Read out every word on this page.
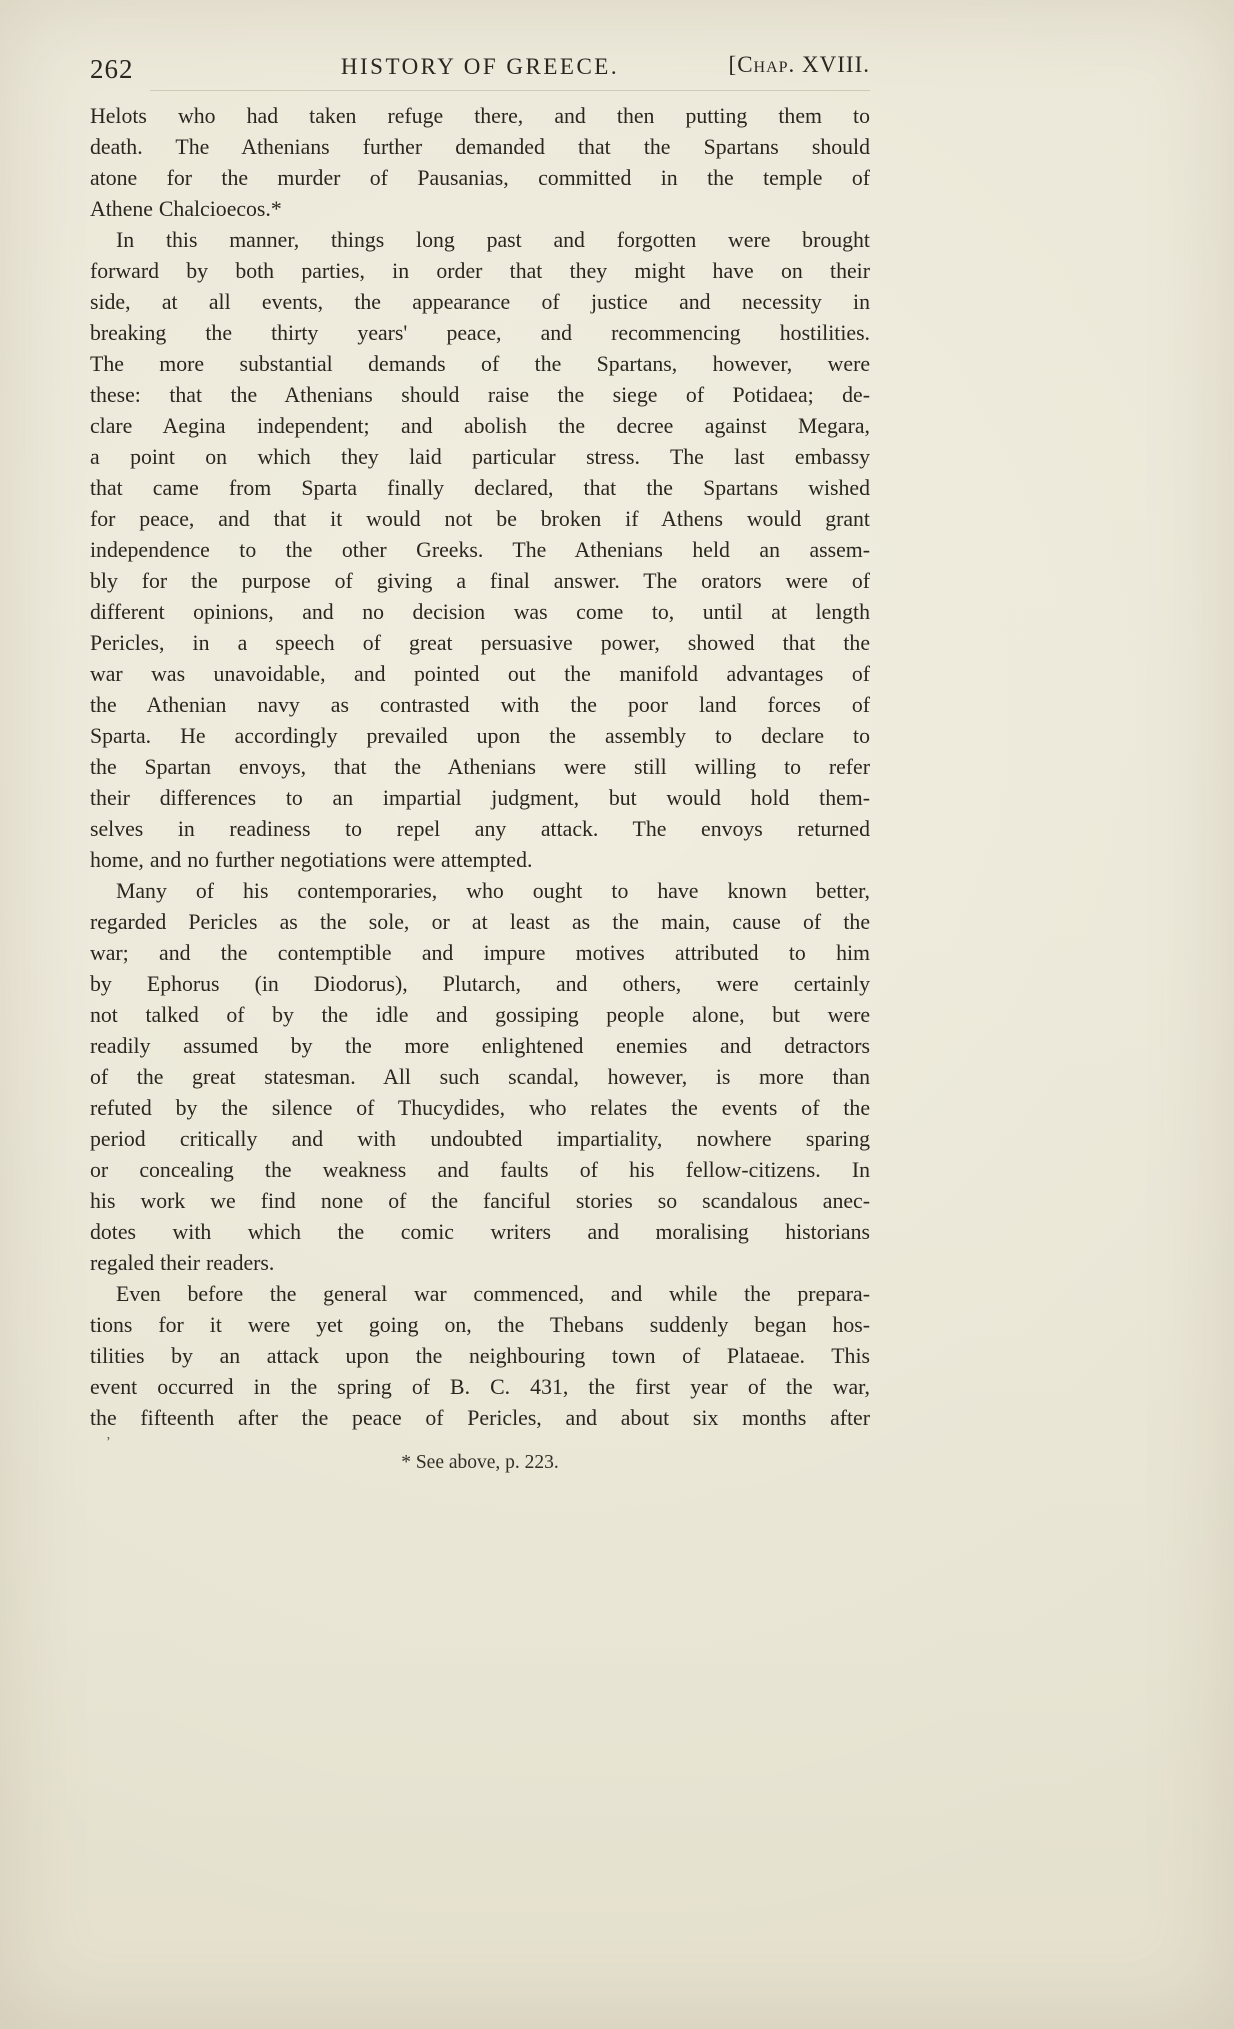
262	HISTORY OF GREECE.	[Chap. XVIII.
Helots who had taken refuge there, and then putting them to
death. The Athenians further demanded that the Spartans should
atone for the murder of Pausanias, committed in the temple of
Athene Chalcioecos.*
In this manner, things long past and forgotten were brought
forward by both parties, in order that they might have on their
side, at all events, the appearance of justice and necessity in
breaking the thirty years' peace, and recommencing hostilities.
The more substantial demands of the Spartans, however, were
these: that the Athenians should raise the siege of Potidaea; de-
clare Aegina independent; and abolish the decree against Megara,
a point on which they laid particular stress. The last embassy
that came from Sparta finally declared, that the Spartans wished
for peace, and that it would not be broken if Athens would grant
independence to the other Greeks. The Athenians held an assem-
bly for the purpose of giving a final answer. The orators were of
different opinions, and no decision was come to, until at length
Pericles, in a speech of great persuasive power, showed that the
war was unavoidable, and pointed out the manifold advantages of
the Athenian navy as contrasted with the poor land forces of
Sparta. He accordingly prevailed upon the assembly to declare to
the Spartan envoys, that the Athenians were still willing to refer
their differences to an impartial judgment, but would hold them-
selves in readiness to repel any attack. The envoys returned
home, and no further negotiations were attempted.
Many of his contemporaries, who ought to have known better,
regarded Pericles as the sole, or at least as the main, cause of the
war; and the contemptible and impure motives attributed to him
by Ephorus (in Diodorus), Plutarch, and others, were certainly
not talked of by the idle and gossiping people alone, but were
readily assumed by the more enlightened enemies and detractors
of the great statesman. All such scandal, however, is more than
refuted by the silence of Thucydides, who relates the events of the
period critically and with undoubted impartiality, nowhere sparing
or concealing the weakness and faults of his fellow-citizens. In
his work we find none of the fanciful stories so scandalous anec-
dotes with which the comic writers and moralising historians
regaled their readers.
Even before the general war commenced, and while the prepara-
tions for it were yet going on, the Thebans suddenly began hos-
tilities by an attack upon the neighbouring town of Plataeae. This
event occurred in the spring of B. C. 431, the first year of the war,
the fifteenth after the peace of Pericles, and about six months after
’
* See above, p. 223.
